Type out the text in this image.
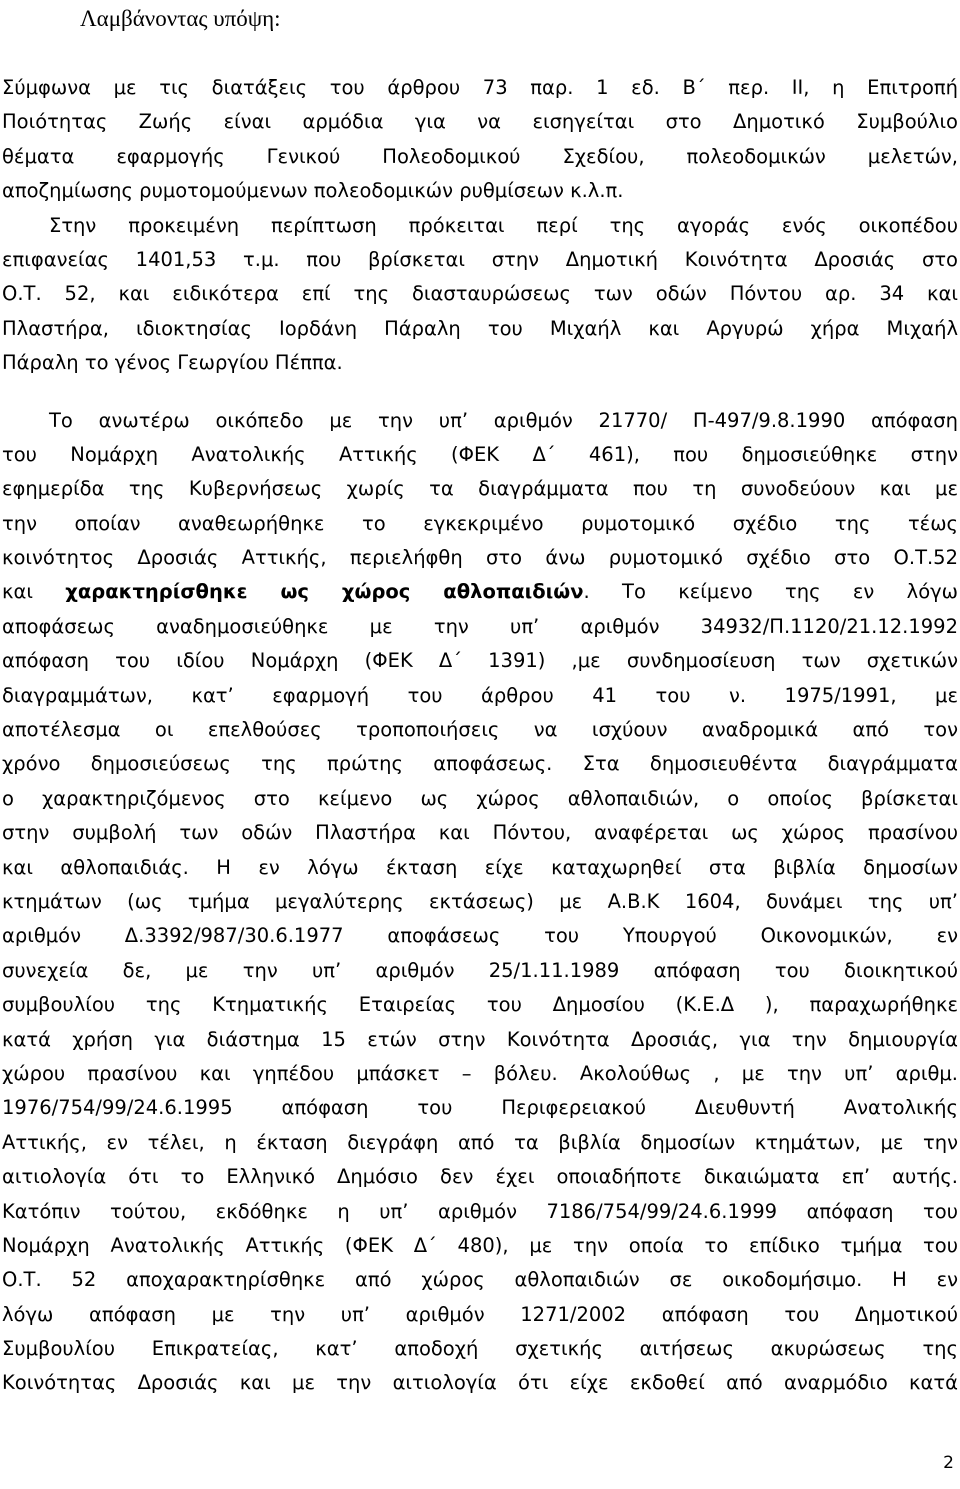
Λαμβάνοντας υπόψη:
Σύμφωνα με τις διατάξεις του άρθρου 73 παρ. 1 εδ. Β΄ περ. ΙΙ, η Επιτροπή
Ποιότητας Ζωής είναι αρμόδια για να εισηγείται στο Δημοτικό Συμβούλιο
θέματα εφαρμογής Γενικού Πολεοδομικού Σχεδίου, πολεοδομικών μελετών,
αποζημίωσης ρυμοτομούμενων πολεοδομικών ρυθμίσεων κ.λ.π.
Στην προκειμένη περίπτωση πρόκειται περί της αγοράς ενός οικοπέδου
επιφανείας 1401,53 τ.μ. που βρίσκεται στην Δημοτική Κοινότητα Δροσιάς στο
Ο.Τ. 52, και ειδικότερα επί της διασταυρώσεως των οδών Πόντου αρ. 34 και
Πλαστήρα, ιδιοκτησίας Ιορδάνη Πάραλη του Μιχαήλ και Αργυρώ χήρα Μιχαήλ
Πάραλη το γένος Γεωργίου Πέππα.
Το ανωτέρω οικόπεδο με την υπ’ αριθμόν 21770/ Π-497/9.8.1990 απόφαση
του Νομάρχη Ανατολικής Αττικής (ΦΕΚ Δ΄ 461), που δημοσιεύθηκε στην
εφημερίδα της Κυβερνήσεως χωρίς τα διαγράμματα που τη συνοδεύουν και με
την οποίαν αναθεωρήθηκε το εγκεκριμένο ρυμοτομικό σχέδιο της τέως
κοινότητος Δροσιάς Αττικής, περιελήφθη στο άνω ρυμοτομικό σχέδιο στο Ο.Τ.52
και χαρακτηρίσθηκε ως χώρος αθλοπαιδιών. Το κείμενο της εν λόγω
αποφάσεως αναδημοσιεύθηκε με την υπ’ αριθμόν 34932/Π.1120/21.12.1992
απόφαση του ιδίου Νομάρχη (ΦΕΚ Δ΄ 1391) ,με συνδημοσίευση των σχετικών
διαγραμμάτων, κατ’ εφαρμογή του άρθρου 41 του ν. 1975/1991, με
αποτέλεσμα οι επελθούσες τροποποιήσεις να ισχύουν αναδρομικά από τον
χρόνο δημοσιεύσεως της πρώτης αποφάσεως. Στα δημοσιευθέντα διαγράμματα
ο χαρακτηριζόμενος στο κείμενο ως χώρος αθλοπαιδιών, ο οποίος βρίσκεται
στην συμβολή των οδών Πλαστήρα και Πόντου, αναφέρεται ως χώρος πρασίνου
και αθλοπαιδιάς. Η εν λόγω έκταση είχε καταχωρηθεί στα βιβλία δημοσίων
κτημάτων (ως τμήμα μεγαλύτερης εκτάσεως) με Α.Β.Κ 1604, δυνάμει της υπ’
αριθμόν Δ.3392/987/30.6.1977 αποφάσεως του Υπουργού Οικονομικών, εν
συνεχεία δε, με την υπ’ αριθμόν 25/1.11.1989 απόφαση του διοικητικού
συμβουλίου της Κτηματικής Εταιρείας του Δημοσίου (Κ.Ε.Δ ), παραχωρήθηκε
κατά χρήση για διάστημα 15 ετών στην Κοινότητα Δροσιάς, για την δημιουργία
χώρου πρασίνου και γηπέδου μπάσκετ – βόλευ. Ακολούθως , με την υπ’ αριθμ.
1976/754/99/24.6.1995 απόφαση του Περιφερειακού Διευθυντή Ανατολικής
Αττικής, εν τέλει, η έκταση διεγράφη από τα βιβλία δημοσίων κτημάτων, με την
αιτιολογία ότι το Ελληνικό Δημόσιο δεν έχει οποιαδήποτε δικαιώματα επ’ αυτής.
Κατόπιν τούτου, εκδόθηκε η υπ’ αριθμόν 7186/754/99/24.6.1999 απόφαση του
Νομάρχη Ανατολικής Αττικής (ΦΕΚ Δ΄ 480), με την οποία το επίδικο τμήμα του
Ο.Τ. 52 αποχαρακτηρίσθηκε από χώρος αθλοπαιδιών σε οικοδομήσιμο. Η εν
λόγω απόφαση με την υπ’ αριθμόν 1271/2002 απόφαση του Δημοτικού
Συμβουλίου Επικρατείας, κατ’ αποδοχή σχετικής αιτήσεως ακυρώσεως της
Κοινότητας Δροσιάς και με την αιτιολογία ότι είχε εκδοθεί από αναρμόδιο κατά
2
